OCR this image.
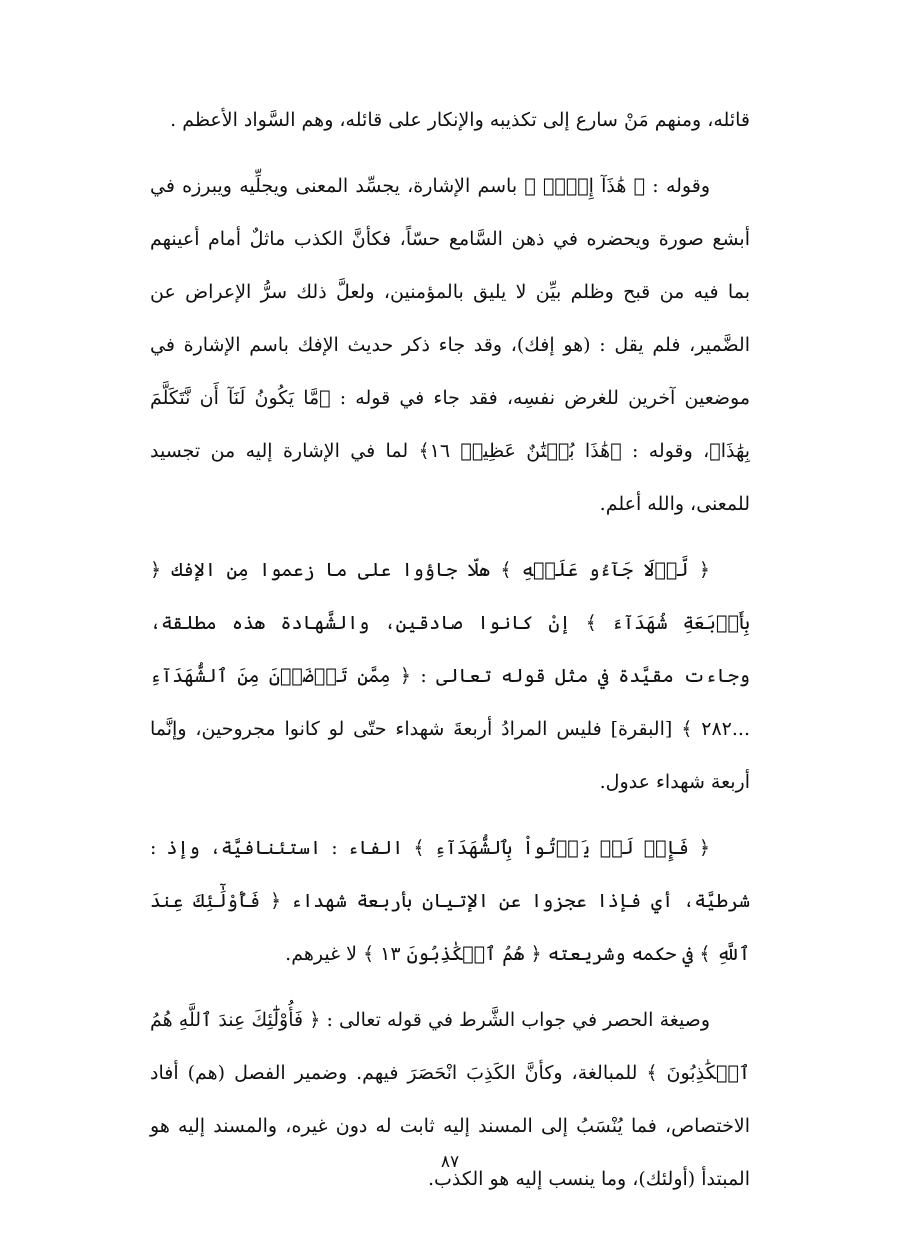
قائله، ومنهم مَنْ سارع إلى تكذيبه والإنكار على قائله، وهم السَّواد الأعظم .

وقوله : ﴿ هَٰذَآ إِفۡكٞ ﴾ باسم الإشارة، يجسِّد المعنى ويجلِّيه ويبرزه في أبشع صورة ويحضره في ذهن السَّامع حسّاً، فكأنَّ الكذب ماثلٌ أمام أعينهم بما فيه من قبح وظلم بيِّن لا يليق بالمؤمنين، ولعلَّ ذلك سرُّ الإعراض عن الضَّمير، فلم يقل : (هو إفك)، وقد جاء ذكر حديث الإفك باسم الإشارة في موضعين آخرين للغرض نفسِه، فقد جاء في قوله : ﴿مَّا يَكُونُ لَنَآ أَن نَّتَكَلَّمَ بِهَٰذَا﴾، وقوله : ﴿هَٰذَا بُهۡتَٰنٌ عَظِيمٞ ١٦﴾ لما في الإشارة إليه من تجسيد للمعنى، والله أعلم.

﴿ لَّوۡلَا جَآءُو عَلَيۡهِ ﴾ هلّا جاؤوا على ما زعموا مِن الإفك ﴿ بِأَرۡبَعَةِ شُهَدَآءَ ﴾ إنْ كانوا صادقين، والشَّهادة هذه مطلقة، وجاءت مقيَّدة في مثل قوله تعالى : ﴿ مِمَّن تَرۡضَوۡنَ مِنَ ٱلشُّهَدَآءِ ...٢٨٢ ﴾ [البقرة] فليس المرادُ أربعةَ شهداء حتّى لو كانوا مجروحين، وإنَّما أربعة شهداء عدول.

﴿ فَإِذۡ لَمۡ يَأۡتُواْ بِٱلشُّهَدَآءِ ﴾ الفاء : استئنافيَّة، وإذ : شرطيَّة، أي فإذا عجزوا عن الإتيان بأربعة شهداء ﴿ فَأُوْلَٰٓئِكَ عِندَ ٱللَّهِ ﴾ في حكمه وشريعته ﴿ هُمُ ٱلۡكَٰذِبُونَ ١٣ ﴾ لا غيرهم.

وصيغة الحصر في جواب الشَّرط في قوله تعالى : ﴿ فَأُوْلَٰٓئِكَ عِندَ ٱللَّهِ هُمُ ٱلۡكَٰذِبُونَ ﴾ للمبالغة، وكأنَّ الكَذِبَ انْحَصَرَ فيهم. وضمير الفصل (هم) أفاد الاختصاص، فما يُنْسَبُ إلى المسند إليه ثابت له دون غيره، والمسند إليه هو المبتدأ (أولئك)، وما ينسب إليه هو الكذب.

٨٧
